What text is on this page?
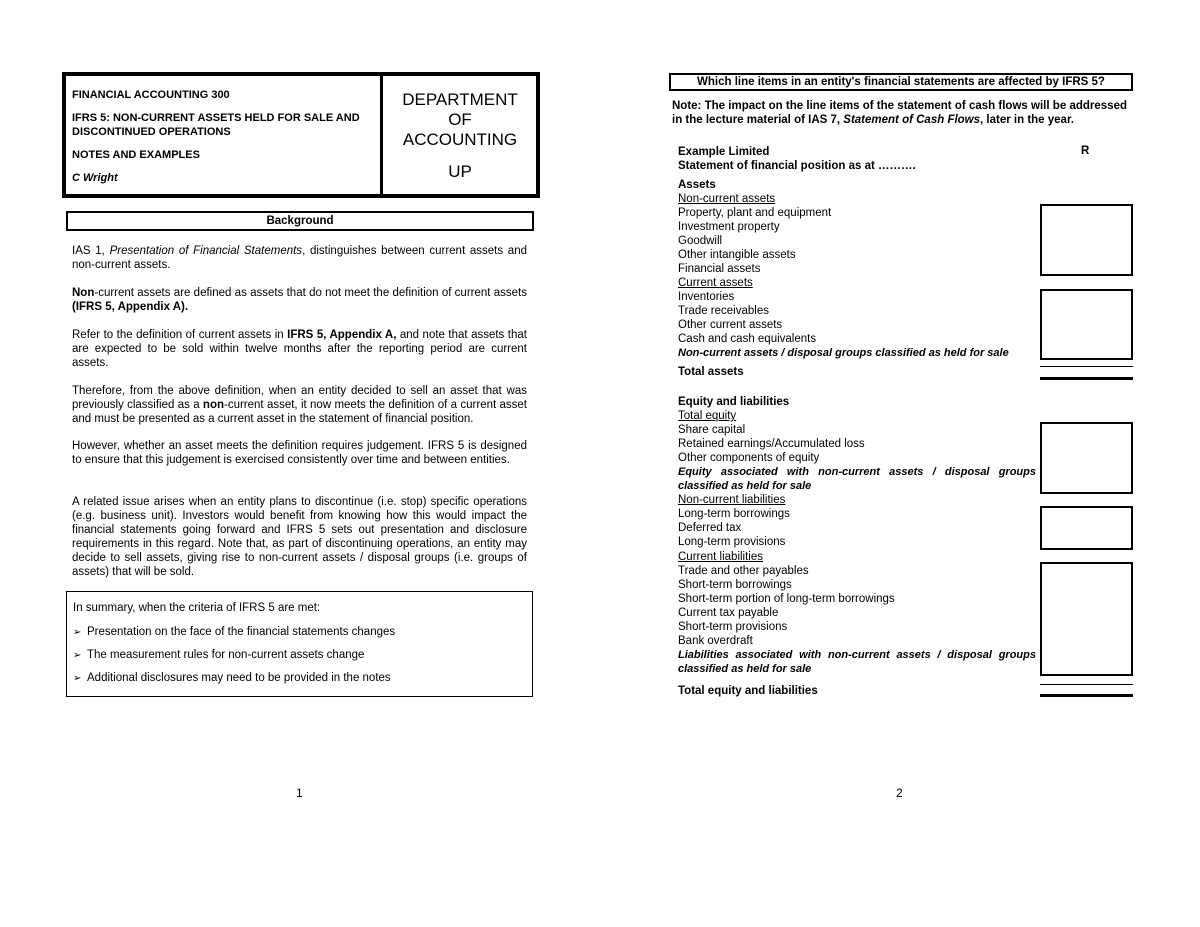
FINANCIAL ACCOUNTING 300
IFRS 5: NON-CURRENT ASSETS HELD FOR SALE AND DISCONTINUED OPERATIONS
NOTES AND EXAMPLES
C Wright
DEPARTMENT
OF
ACCOUNTING
UP
Background

IAS 1, Presentation of Financial Statements, distinguishes between current assets and non-current assets.

Non-current assets are defined as assets that do not meet the definition of current assets (IFRS 5, Appendix A).

Refer to the definition of current assets in IFRS 5, Appendix A, and note that assets that are expected to be sold within twelve months after the reporting period are current assets.

Therefore, from the above definition, when an entity decided to sell an asset that was previously classified as a non-current asset, it now meets the definition of a current asset and must be presented as a current asset in the statement of financial position.

However, whether an asset meets the definition requires judgement. IFRS 5 is designed to ensure that this judgement is exercised consistently over time and between entities.

A related issue arises when an entity plans to discontinue (i.e. stop) specific operations (e.g. business unit). Investors would benefit from knowing how this would impact the financial statements going forward and IFRS 5 sets out presentation and disclosure requirements in this regard. Note that, as part of discontinuing operations, an entity may decide to sell assets, giving rise to non-current assets / disposal groups (i.e. groups of assets) that will be sold.

In summary, when the criteria of IFRS 5 are met:
➢ Presentation on the face of the financial statements changes
➢ The measurement rules for non-current assets change
➢ Additional disclosures may need to be provided in the notes
1
Which line items in an entity's financial statements are affected by IFRS 5?

Note: The impact on the line items of the statement of cash flows will be addressed in the lecture material of IAS 7, Statement of Cash Flows, later in the year.

Example Limited	R
Statement of financial position as at ……….
Assets
Non-current assets
Property, plant and equipment
Investment property
Goodwill
Other intangible assets
Financial assets
Current assets
Inventories
Trade receivables
Other current assets
Cash and cash equivalents
Non-current assets / disposal groups classified as held for sale
Total assets
Equity and liabilities
Total equity
Share capital
Retained earnings/Accumulated loss
Other components of equity
Equity associated with non-current assets / disposal groups classified as held for sale
Non-current liabilities
Long-term borrowings
Deferred tax
Long-term provisions
Current liabilities
Trade and other payables
Short-term borrowings
Short-term portion of long-term borrowings
Current tax payable
Short-term provisions
Bank overdraft
Liabilities associated with non-current assets / disposal groups classified as held for sale
Total equity and liabilities
2
